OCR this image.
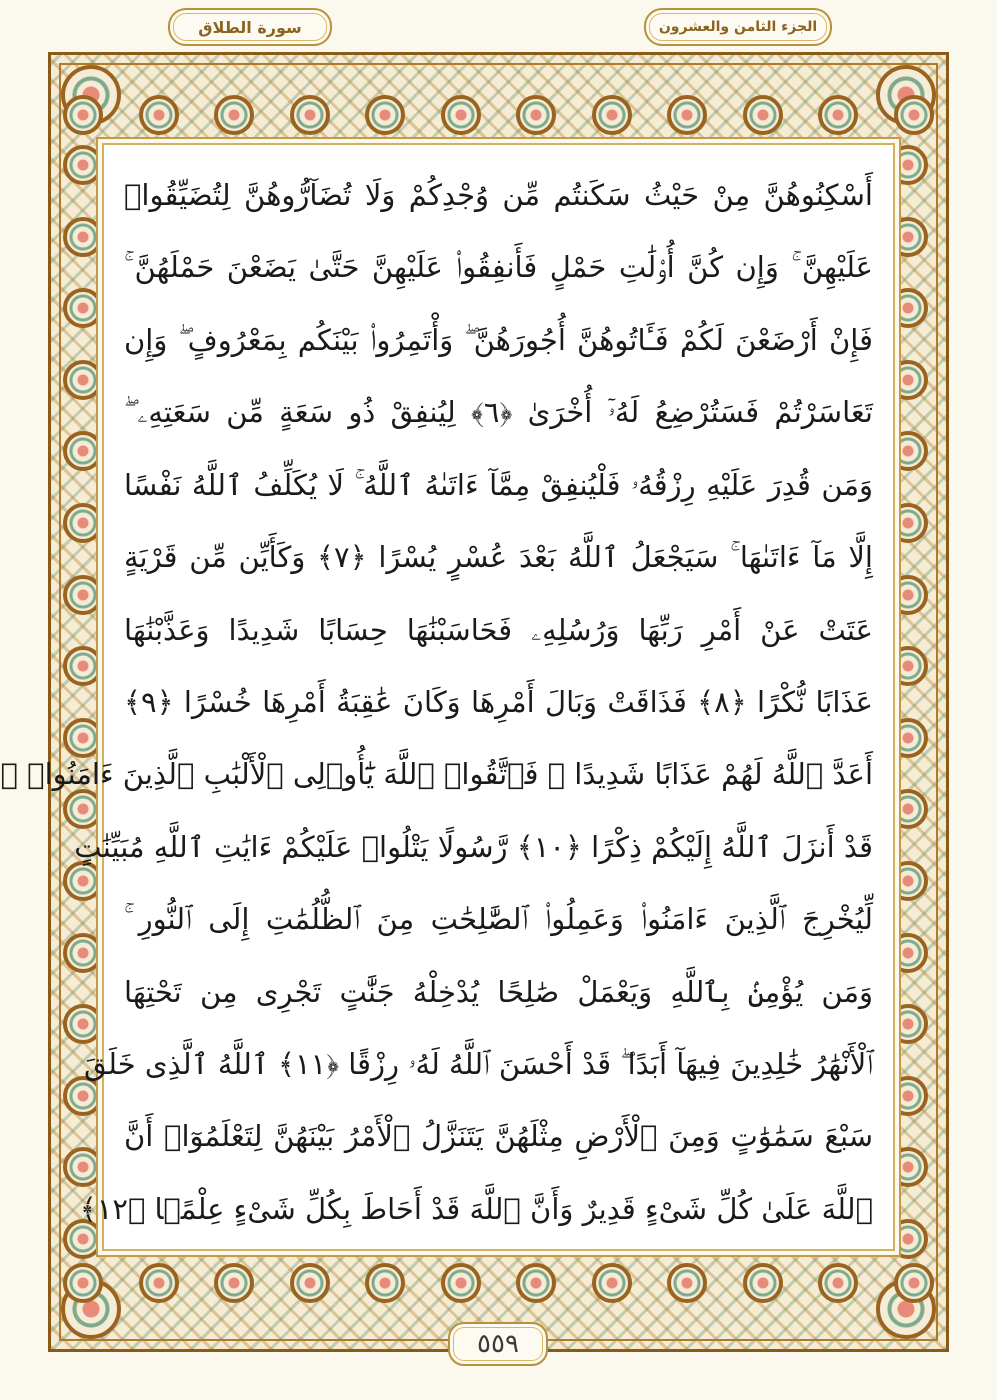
سورة الطلاق	الجزء الثامن والعشرون
أَسْكِنُوهُنَّ مِنْ حَيْثُ سَكَنتُم مِّن وُجْدِكُمْ وَلَا تُضَآرُّوهُنَّ لِتُضَيِّقُوا۟
عَلَيْهِنَّ ۚ وَإِن كُنَّ أُو۟لَٰتِ حَمْلٍ فَأَنفِقُوا۟ عَلَيْهِنَّ حَتَّىٰ يَضَعْنَ حَمْلَهُنَّ ۚ
فَإِنْ أَرْضَعْنَ لَكُمْ فَـَٔاتُوهُنَّ أُجُورَهُنَّ ۖ وَأْتَمِرُوا۟ بَيْنَكُم بِمَعْرُوفٍ ۖ وَإِن
تَعَاسَرْتُمْ فَسَتُرْضِعُ لَهُۥٓ أُخْرَىٰ ﴿٦﴾ لِيُنفِقْ ذُو سَعَةٍ مِّن سَعَتِهِۦ ۖ
وَمَن قُدِرَ عَلَيْهِ رِزْقُهُۥ فَلْيُنفِقْ مِمَّآ ءَاتَىٰهُ ٱللَّهُ ۚ لَا يُكَلِّفُ ٱللَّهُ نَفْسًا
إِلَّا مَآ ءَاتَىٰهَا ۚ سَيَجْعَلُ ٱللَّهُ بَعْدَ عُسْرٍ يُسْرًا ﴿٧﴾ وَكَأَيِّن مِّن قَرْيَةٍ
عَتَتْ عَنْ أَمْرِ رَبِّهَا وَرُسُلِهِۦ فَحَاسَبْنَٰهَا حِسَابًا شَدِيدًا وَعَذَّبْنَٰهَا
عَذَابًا نُّكْرًا ﴿٨﴾ فَذَاقَتْ وَبَالَ أَمْرِهَا وَكَانَ عَٰقِبَةُ أَمْرِهَا خُسْرًا ﴿٩﴾
أَعَدَّ ٱللَّهُ لَهُمْ عَذَابًا شَدِيدًا ۖ فَٱتَّقُوا۟ ٱللَّهَ يَٰٓأُو۟لِى ٱلْأَلْبَٰبِ ٱلَّذِينَ ءَامَنُوا۟ ۚ
قَدْ أَنزَلَ ٱللَّهُ إِلَيْكُمْ ذِكْرًا ﴿١٠﴾ رَّسُولًا يَتْلُوا۟ عَلَيْكُمْ ءَايَٰتِ ٱللَّهِ مُبَيِّنَٰتٍ
لِّيُخْرِجَ ٱلَّذِينَ ءَامَنُوا۟ وَعَمِلُوا۟ ٱلصَّٰلِحَٰتِ مِنَ ٱلظُّلُمَٰتِ إِلَى ٱلنُّورِ ۚ
وَمَن يُؤْمِنۢ بِٱللَّهِ وَيَعْمَلْ صَٰلِحًا يُدْخِلْهُ جَنَّٰتٍ تَجْرِى مِن تَحْتِهَا
ٱلْأَنْهَٰرُ خَٰلِدِينَ فِيهَآ أَبَدًا ۖ قَدْ أَحْسَنَ ٱللَّهُ لَهُۥ رِزْقًا ﴿١١﴾ ٱللَّهُ ٱلَّذِى خَلَقَ
سَبْعَ سَمَٰوَٰتٍ وَمِنَ ٱلْأَرْضِ مِثْلَهُنَّ يَتَنَزَّلُ ٱلْأَمْرُ بَيْنَهُنَّ لِتَعْلَمُوٓا۟ أَنَّ
ٱللَّهَ عَلَىٰ كُلِّ شَىْءٍ قَدِيرٌ وَأَنَّ ٱللَّهَ قَدْ أَحَاطَ بِكُلِّ شَىْءٍ عِلْمًۢا ﴿١٢﴾
٥٥٩
